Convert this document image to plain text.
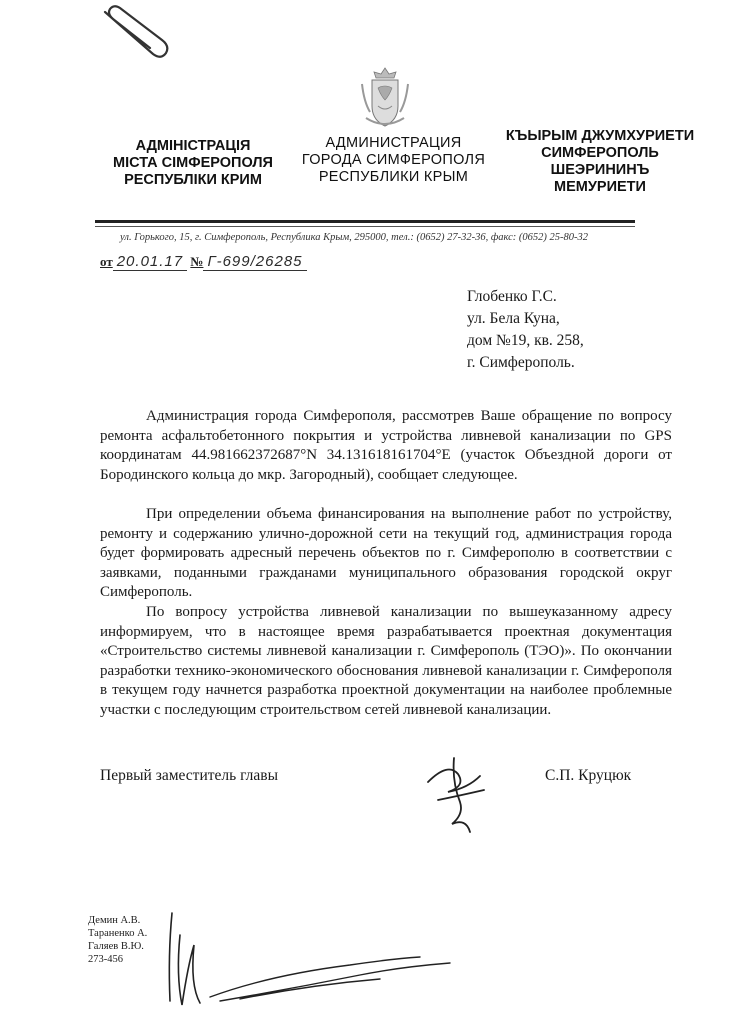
АДМІНІСТРАЦІЯ
МІСТА СІМФЕРОПОЛЯ
РЕСПУБЛІКИ КРИМ
АДМИНИСТРАЦИЯ
ГОРОДА СИМФЕРОПОЛЯ
РЕСПУБЛИКИ КРЫМ
КЪЫРЫМ ДЖУМХУРИЕТИ
СИМФЕРОПОЛЬ
ШЕЭРИНИНЪ
МЕМУРИЕТИ
ул. Горького, 15, г. Симферополь, Республика Крым, 295000, тел.: (0652) 27-32-36, факс: (0652) 25-80-32
от 20.01.17 № Г-699/26285
Глобенко Г.С.
ул. Бела Куна,
дом №19, кв. 258,
г. Симферополь.
Администрация города Симферополя, рассмотрев Ваше обращение по вопросу ремонта асфальтобетонного покрытия и устройства ливневой канализации по GPS координатам 44.981662372687°N 34.131618161704°E (участок Объездной дороги от Бородинского кольца до мкр. Загородный), сообщает следующее.
При определении объема финансирования на выполнение работ по устройству, ремонту и содержанию улично-дорожной сети на текущий год, администрация города будет формировать адресный перечень объектов по г. Симферополю в соответствии с заявками, поданными гражданами муниципального образования городской округ Симферополь.
По вопросу устройства ливневой канализации по вышеуказанному адресу информируем, что в настоящее время разрабатывается проектная документация «Строительство системы ливневой канализации г. Симферополь (ТЭО)». По окончании разработки технико-экономического обоснования ливневой канализации г. Симферополя в текущем году начнется разработка проектной документации на наиболее проблемные участки с последующим строительством сетей ливневой канализации.
Первый заместитель главы	С.П. Круцюк
Демин А.В.
Тараненко А.
Галяев В.Ю.
273-456
